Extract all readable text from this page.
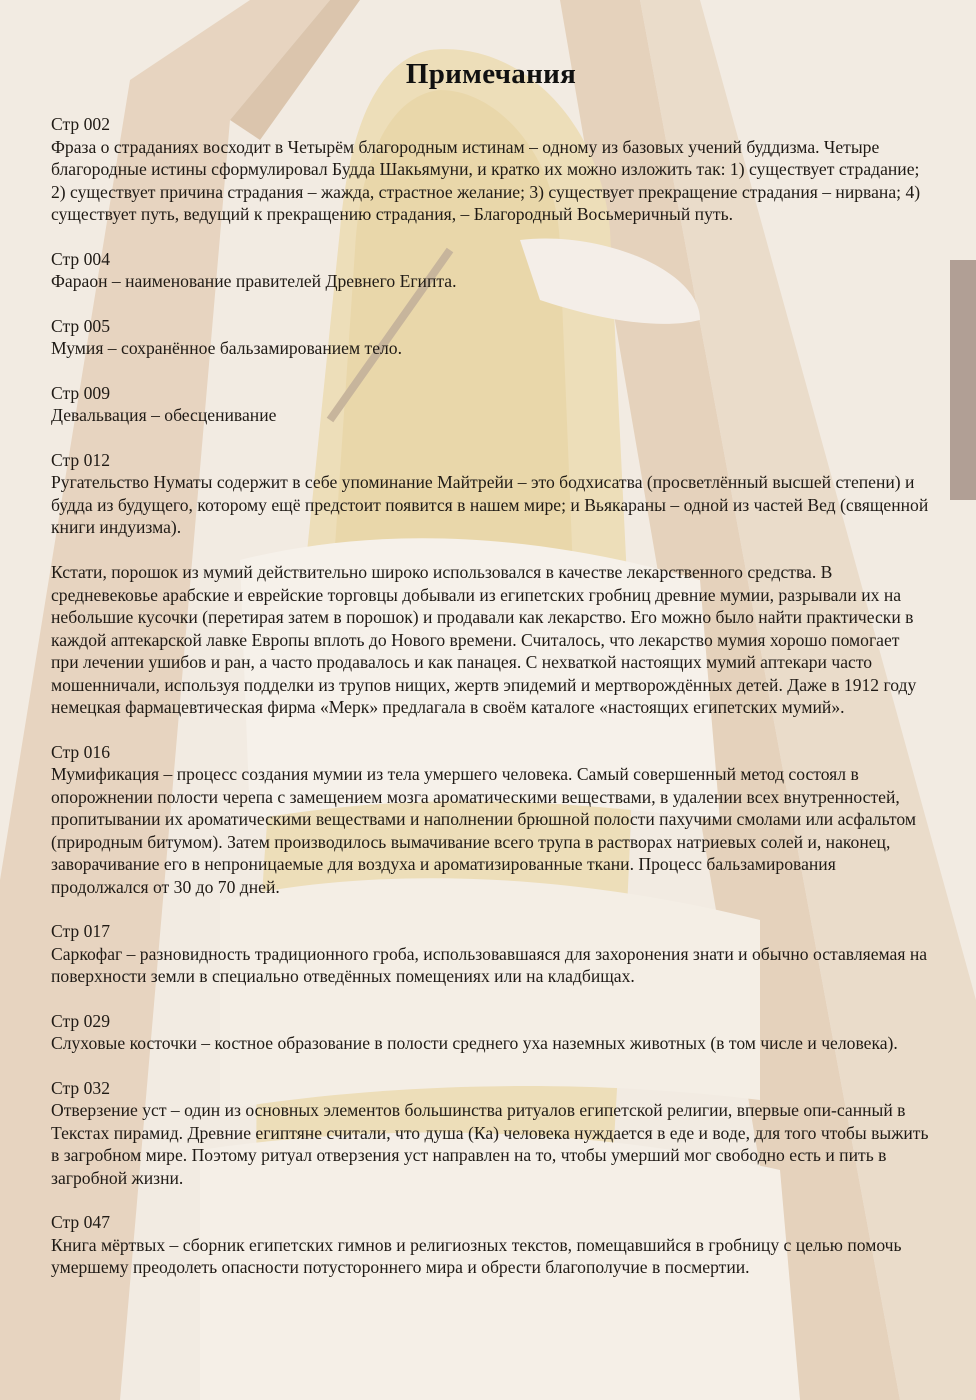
Примечания
Стр 002

Фраза о страданиях восходит в Четырём благородным истинам – одному из базовых учений буддизма. Четыре благородные истины сформулировал Будда Шакьямуни, и кратко их можно изложить так: 1) существует страдание; 2) существует причина страдания – жажда, страстное желание; 3) существует прекращение страдания – нирвана; 4) существует путь, ведущий к прекращению страдания, – Благородный Восьмеричный путь.

Стр 004

Фараон – наименование правителей Древнего Египта.

Стр 005

Мумия – сохранённое бальзамированием тело.

Стр 009

Девальвация – обесценивание

Стр 012

Ругательство Нуматы содержит в себе упоминание Майтрейи – это бодхисатва (просветлённый высшей степени) и будда из будущего, которому ещё предстоит появится в нашем мире; и Вьякараны – одной из частей Вед (священной книги индуизма).

Кстати, порошок из мумий действительно широко использовался в качестве лекарственного средства. В средневековье арабские и еврейские торговцы добывали из египетских гробниц древние мумии, разрывали их на небольшие кусочки (перетирая затем в порошок) и продавали как лекарство. Его можно было найти практически в каждой аптекарской лавке Европы вплоть до Нового времени. Считалось, что лекарство мумия хорошо помогает при лечении ушибов и ран, а часто продавалось и как панацея. С нехваткой настоящих мумий аптекари часто мошенничали, используя подделки из трупов нищих, жертв эпидемий и мертворождённых детей. Даже в 1912 году немецкая фармацевтическая фирма «Мерк» предлагала в своём каталоге «настоящих египетских мумий».

Стр 016

Мумификация – процесс создания мумии из тела умершего человека. Самый совершенный метод состоял в опорожнении полости черепа с замещением мозга ароматическими веществами, в удалении всех внутренностей, пропитывании их ароматическими веществами и наполнении брюшной полости пахучими смолами или асфальтом (природным битумом). Затем производилось вымачивание всего трупа в растворах натриевых солей и, наконец, заворачивание его в непроницаемые для воздуха и ароматизированные ткани. Процесс бальзамирования продолжался от 30 до 70 дней.

Стр 017

Саркофаг – разновидность традиционного гроба, использовавшаяся для захоронения знати и обычно оставляемая на поверхности земли в специально отведённых помещениях или на кладбищах.

Стр 029

Слуховые косточки – костное образование в полости среднего уха наземных животных (в том числе и человека).

Стр 032

Отверзение уст – один из основных элементов большинства ритуалов египетской религии, впервые опи-санный в Текстах пирамид. Древние египтяне считали, что душа (Ка) человека нуждается в еде и воде, для того чтобы выжить в загробном мире. Поэтому ритуал отверзения уст направлен на то, чтобы умерший мог свободно есть и пить в загробной жизни.

Стр 047

Книга мёртвых – сборник египетских гимнов и религиозных текстов, помещавшийся в гробницу с целью помочь умершему преодолеть опасности потустороннего мира и обрести благополучие в посмертии.
